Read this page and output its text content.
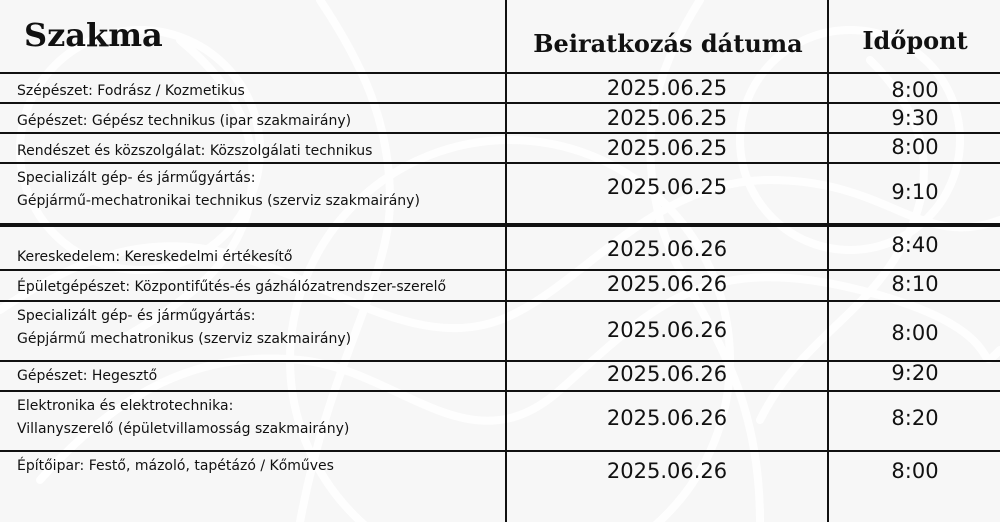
Szakma	Beiratkozás dátuma	Időpont
Szépészet: Fodrász / Kozmetikus	2025.06.25	8:00
Gépészet: Gépész technikus (ipar szakmairány)	2025.06.25	9:30
Rendészet és közszolgálat: Közszolgálati technikus	2025.06.25	8:00
Specializált gép- és járműgyártás:
Gépjármű-mechatronikai technikus (szerviz szakmairány)
2025.06.25	9:10
Kereskedelem: Kereskedelmi értékesítő	2025.06.26	8:40
Épületgépészet: Központifűtés-és gázhálózatrendszer-szerelő	2025.06.26	8:10
Specializált gép- és járműgyártás:
Gépjármű mechatronikus (szerviz szakmairány)	2025.06.26	8:00
Gépészet: Hegesztő	2025.06.26	9:20
Elektronika és elektrotechnika:
Villanyszerelő (épületvillamosság szakmairány)	2025.06.26	8:20
Építőipar: Festő, mázoló, tapétázó / Kőműves	2025.06.26	8:00
